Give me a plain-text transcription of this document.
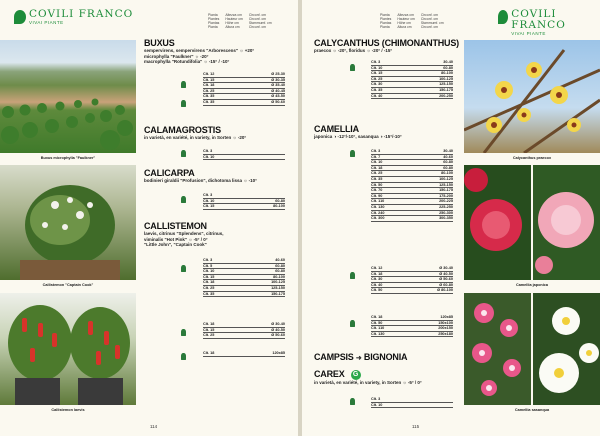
COVILI FRANCO
VIVAI PIANTE
Pianta
Plantes
Plantas
Planta
Altezza cm
Hauteur cm
Höhe cm
Altura cm
Circonf. cm
Circonf. cm
Stammumf. cm
Circunf. cm
Buxus microphylla "Faulkner"
Callistemon "Captain Cook"
Callistemon laevis
BUXUS
sempervirens, sempervirens "Arborescens" ☼ +20°
microphylla "Faulkner" ☼ -20°
macrophylla "Rotundifolia" ☼ -15° / -10°
Clt. 12	Ø 25-30
Clt. 15	Ø 30-35
Clt. 18	Ø 35-40
Clt. 25	Ø 40-45
Clt. 35	Ø 45-50
Clt. 35	Ø 50-60
CALAMAGROSTIS
in varietà, en variété, in variety, in Sorten ☼ -20°
Clt. 3
Clt. 10
CALICARPA
bodinieri giraldii "Profusion", dichotoma lissa ☼ -10°
Clt. 3
Clt. 10	60-80
Clt. 15	80-100
CALLISTEMON
laevis, citrinus "Splendens", citrinus,
viminalis "Hot Pink" ☼ -5° / 0°
"Little John", "Captain Cook"
Clt. 3	40-60
Clt. 5	60-80
Clt. 10	60-80
Clt. 15	80-100
Clt. 18	100-125
Clt. 25	125-150
Clt. 35	150-175
Clt. 18	Ø 30-40
Clt. 15	Ø 40-50
Clt. 25	Ø 50-60
Clt. 18	120x85
114
Pianta
Plantes
Plantas
Planta
Altezza cm
Hauteur cm
Höhe cm
Altura cm
Circonf. cm
Circonf. cm
Stammumf. cm
Circunf. cm
COVILI FRANCO
VIVAI PIANTE
CALYCANTHUS (CHIMONANTHUS)
praecox ☼ -20°, floridus ☼ -20° / -15°
Clt. 3	30-40
Clt. 10	60-80
Clt. 15	80-100
Clt. 25	100-125
Clt. 30	125-150
Clt. 35	150-175
Clt. 40	200-250
CAMELLIA
japonica ◑ -12°/-10°, sasanqua ◑ -15°/-10°
Clt. 3	30-40
Clt. 7	40-60
Clt. 10	60-80
Clt. 18	60-80
Clt. 25	80-100
Clt. 35	100-125
Clt. 50	125-150
Clt. 70	150-175
Clt. 90	175-200
Clt. 110	200-225
Clt. 130	225-250
Clt. 240	250-300
Clt. 300	300-350
Clt. 12	Ø 30-40
Clt. 18	Ø 40-50
Clt. 30	Ø 50-60
Clt. 40	Ø 60-80
Clt. 50	Ø 80-100
Clt. 18	120x85
Clt. 50	150x100
Clt. 110	200x150
Clt. 130	250x180
CAMPSIS ➜ BIGNONIA
CAREX G
in varietà, en variété, in variety, in Sorten ☼ -5° / 0°
Clt. 3
Clt. 10
Calycanthus praecox
Camellia japonica
Camellia sasanqua
115
